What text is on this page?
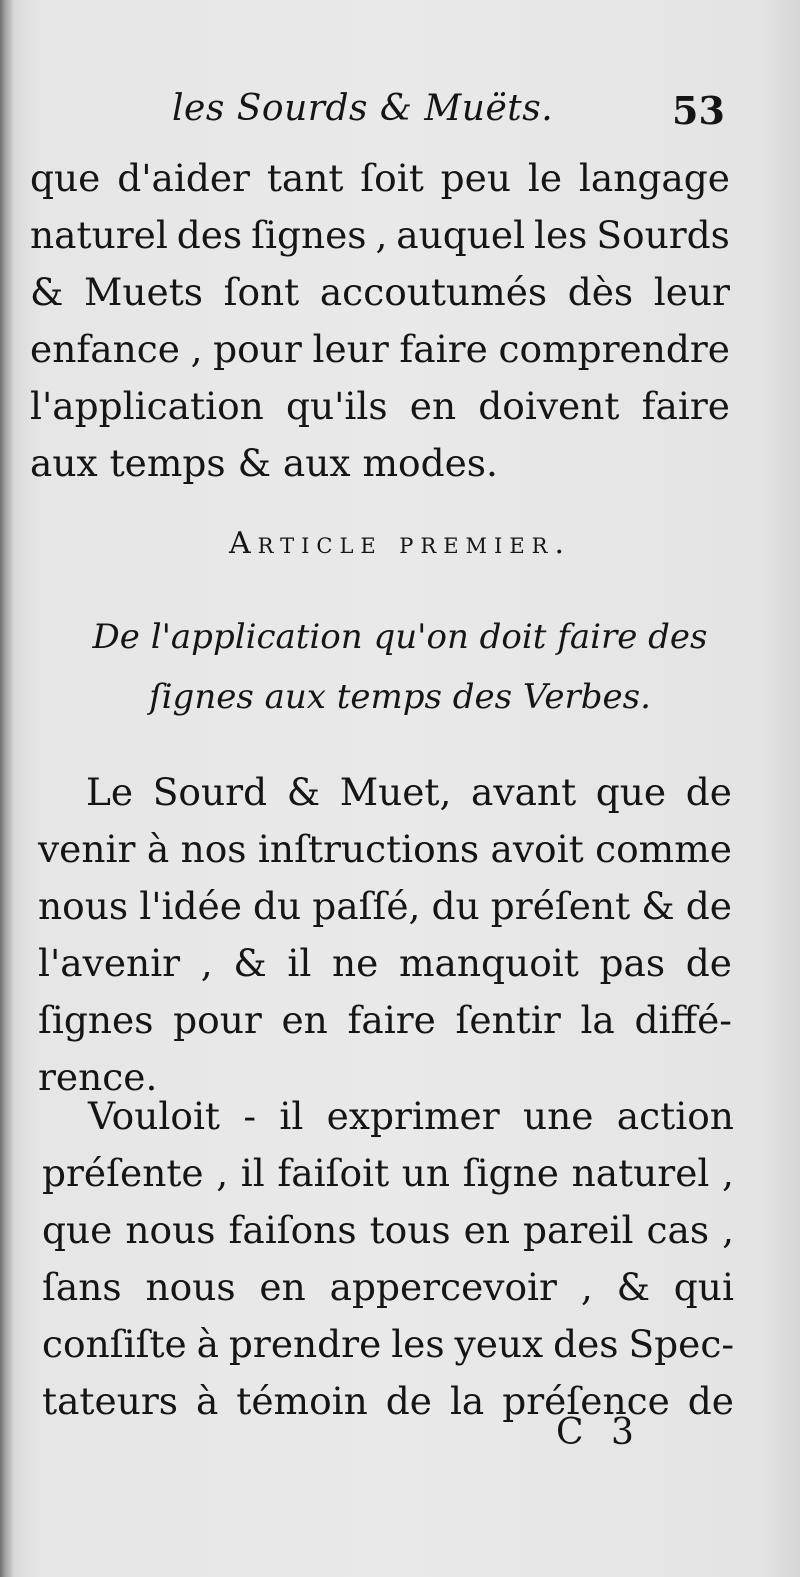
les Sourds & Muëts.	53
que d'aider tant ſoit peu le langage
naturel des ſignes , auquel les Sourds
& Muets ſont accoutumés dès leur
enfance , pour leur faire comprendre
l'application qu'ils en doivent faire
aux temps & aux modes.
Article premier.
De l'application qu'on doit faire des
ſignes aux temps des Verbes.
Le Sourd & Muet, avant que de
venir à nos inſtructions avoit comme
nous l'idée du paſſé, du préſent & de
l'avenir , & il ne manquoit pas de
ſignes pour en faire ſentir la diffé-
rence.
Vouloit - il exprimer une action
préſente , il faiſoit un ſigne naturel ,
que nous faiſons tous en pareil cas ,
ſans nous en appercevoir , & qui
conſiſte à prendre les yeux des Spec-
tateurs à témoin de la préſence de
C 3
